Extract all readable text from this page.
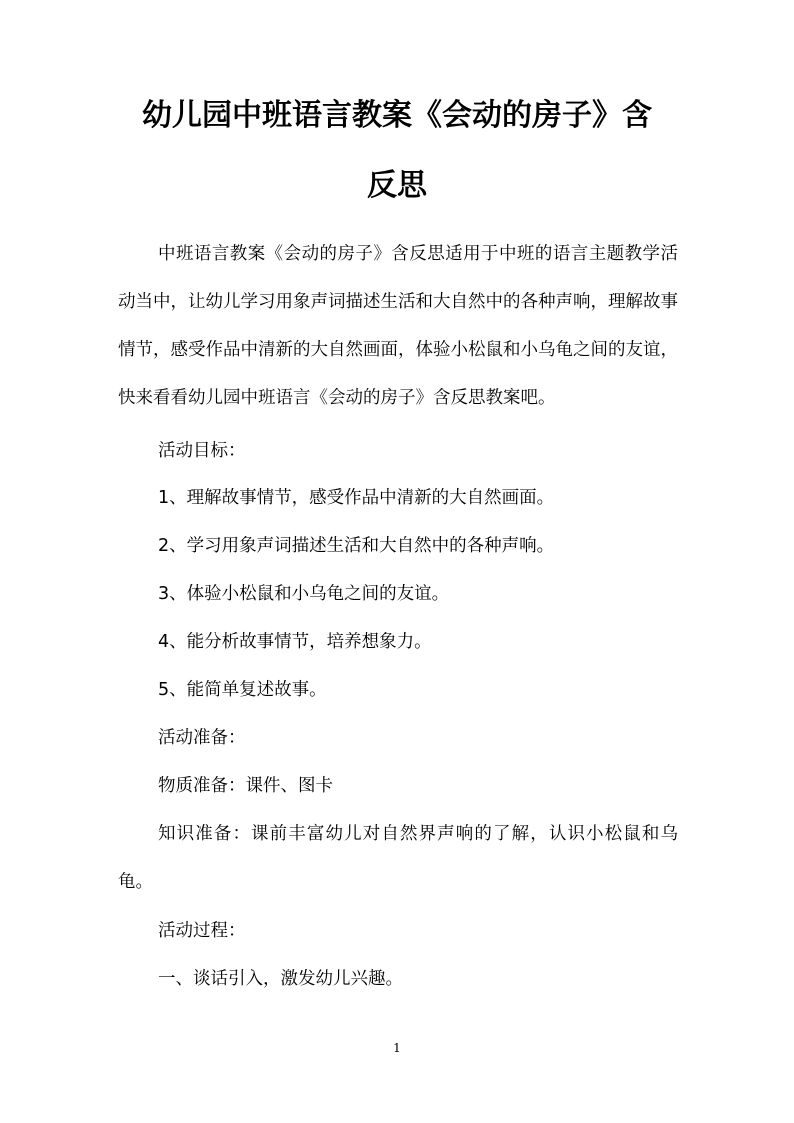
幼儿园中班语言教案《会动的房子》含
反思

中班语言教案《会动的房子》含反思适用于中班的语言主题教学活动当中，让幼儿学习用象声词描述生活和大自然中的各种声响，理解故事情节，感受作品中清新的大自然画面，体验小松鼠和小乌龟之间的友谊，快来看看幼儿园中班语言《会动的房子》含反思教案吧。

活动目标：

1、理解故事情节，感受作品中清新的大自然画面。

2、学习用象声词描述生活和大自然中的各种声响。

3、体验小松鼠和小乌龟之间的友谊。

4、能分析故事情节，培养想象力。

5、能简单复述故事。

活动准备：

物质准备：课件、图卡

知识准备：课前丰富幼儿对自然界声响的了解，认识小松鼠和乌龟。

活动过程：

一、谈话引入，激发幼儿兴趣。

1
